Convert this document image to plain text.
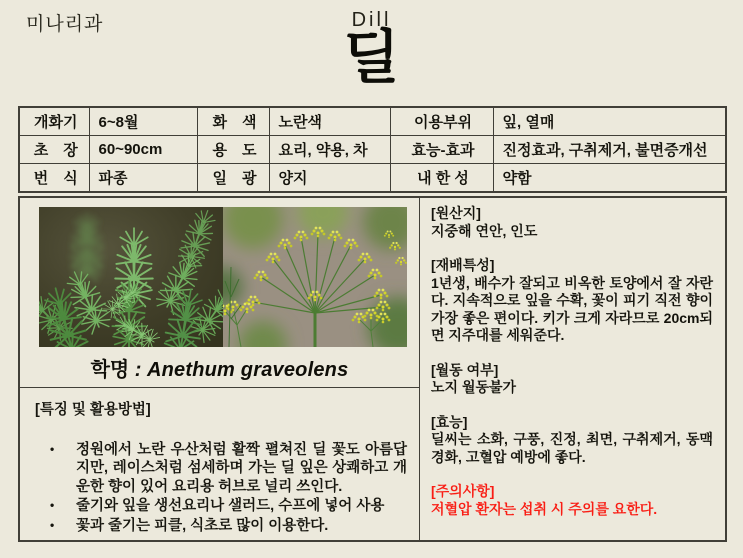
미나리과	Dill
딜
개화기	6~8월	화　색	노란색	이용부위	잎, 열매
초　장	60~90cm	용　도	요리, 약용, 차	효능-효과	진정효과, 구취제거, 불면증개선
번　식	파종	일　광	양지	내 한 성	약함
학명 : Anethum graveolens
[특징 및 활용방법]
• 정원에서 노란 우산처럼 활짝 펼쳐진 딜 꽃도 아름답지만, 레이스처럼 섬세하며 가는 딜 잎은 상쾌하고 개운한 향이 있어 요리용 허브로 널리 쓰인다.
• 줄기와 잎을 생선요리나 샐러드, 수프에 넣어 사용
• 꽃과 줄기는 피클, 식초로 많이 이용한다.
[원산지]
지중해 연안, 인도
[재배특성]
1년생, 배수가 잘되고 비옥한 토양에서 잘 자란다. 지속적으로 잎을 수확, 꽃이 피기 직전 향이 가장 좋은 편이다. 키가 크게 자라므로 20cm되면 지주대를 세워준다.
[월동 여부]
노지 월동불가
[효능]
딜씨는 소화, 구풍, 진정, 최면, 구취제거, 동맥경화, 고혈압 예방에 좋다.
[주의사항]
저혈압 환자는 섭취 시 주의를 요한다.
